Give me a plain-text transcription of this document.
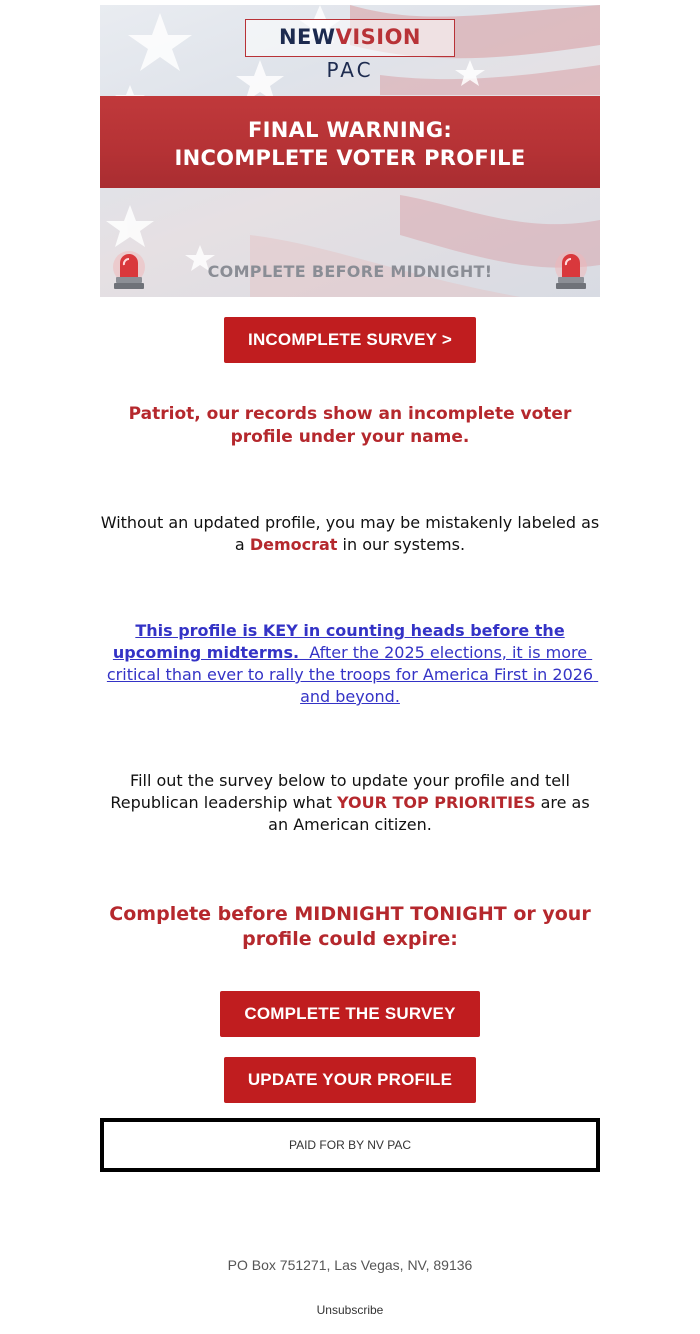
NEWVISION
PAC
FINAL WARNING:
INCOMPLETE VOTER PROFILE
COMPLETE BEFORE MIDNIGHT!
INCOMPLETE SURVEY >
Patriot, our records show an incomplete voter profile under your name.
Without an updated profile, you may be mistakenly labeled as a Democrat in our systems.
This profile is KEY in counting heads before the upcoming midterms.  After the 2025 elections, it is more critical than ever to rally the troops for America First in 2026 and beyond.
Fill out the survey below to update your profile and tell Republican leadership what YOUR TOP PRIORITIES are as an American citizen.
Complete before MIDNIGHT TONIGHT or your profile could expire:
COMPLETE THE SURVEY
UPDATE YOUR PROFILE
PAID FOR BY NV PAC
PO Box 751271, Las Vegas, NV, 89136
Unsubscribe
